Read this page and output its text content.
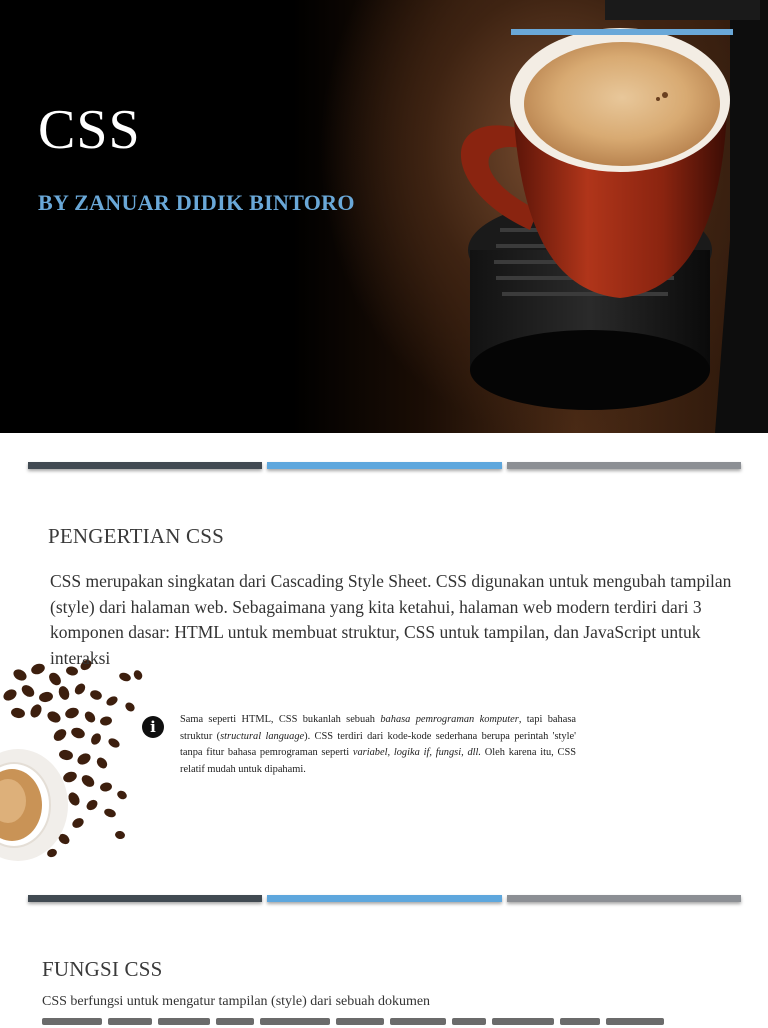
CSS
BY ZANUAR DIDIK BINTORO
PENGERTIAN CSS

CSS merupakan singkatan dari Cascading Style Sheet. CSS digunakan untuk mengubah tampilan (style) dari halaman web. Sebagaimana yang kita ketahui, halaman web modern terdiri dari 3 komponen dasar: HTML untuk membuat struktur, CSS untuk tampilan, dan JavaScript untuk interaksi

i Sama seperti HTML, CSS bukanlah sebuah bahasa pemrograman komputer, tapi bahasa struktur (structural language). CSS terdiri dari kode-kode sederhana berupa perintah 'style' tanpa fitur bahasa pemrograman seperti variabel, logika if, fungsi, dll. Oleh karena itu, CSS relatif mudah untuk dipahami.

FUNGSI CSS

CSS berfungsi untuk mengatur tampilan (style) dari sebuah dokumen
